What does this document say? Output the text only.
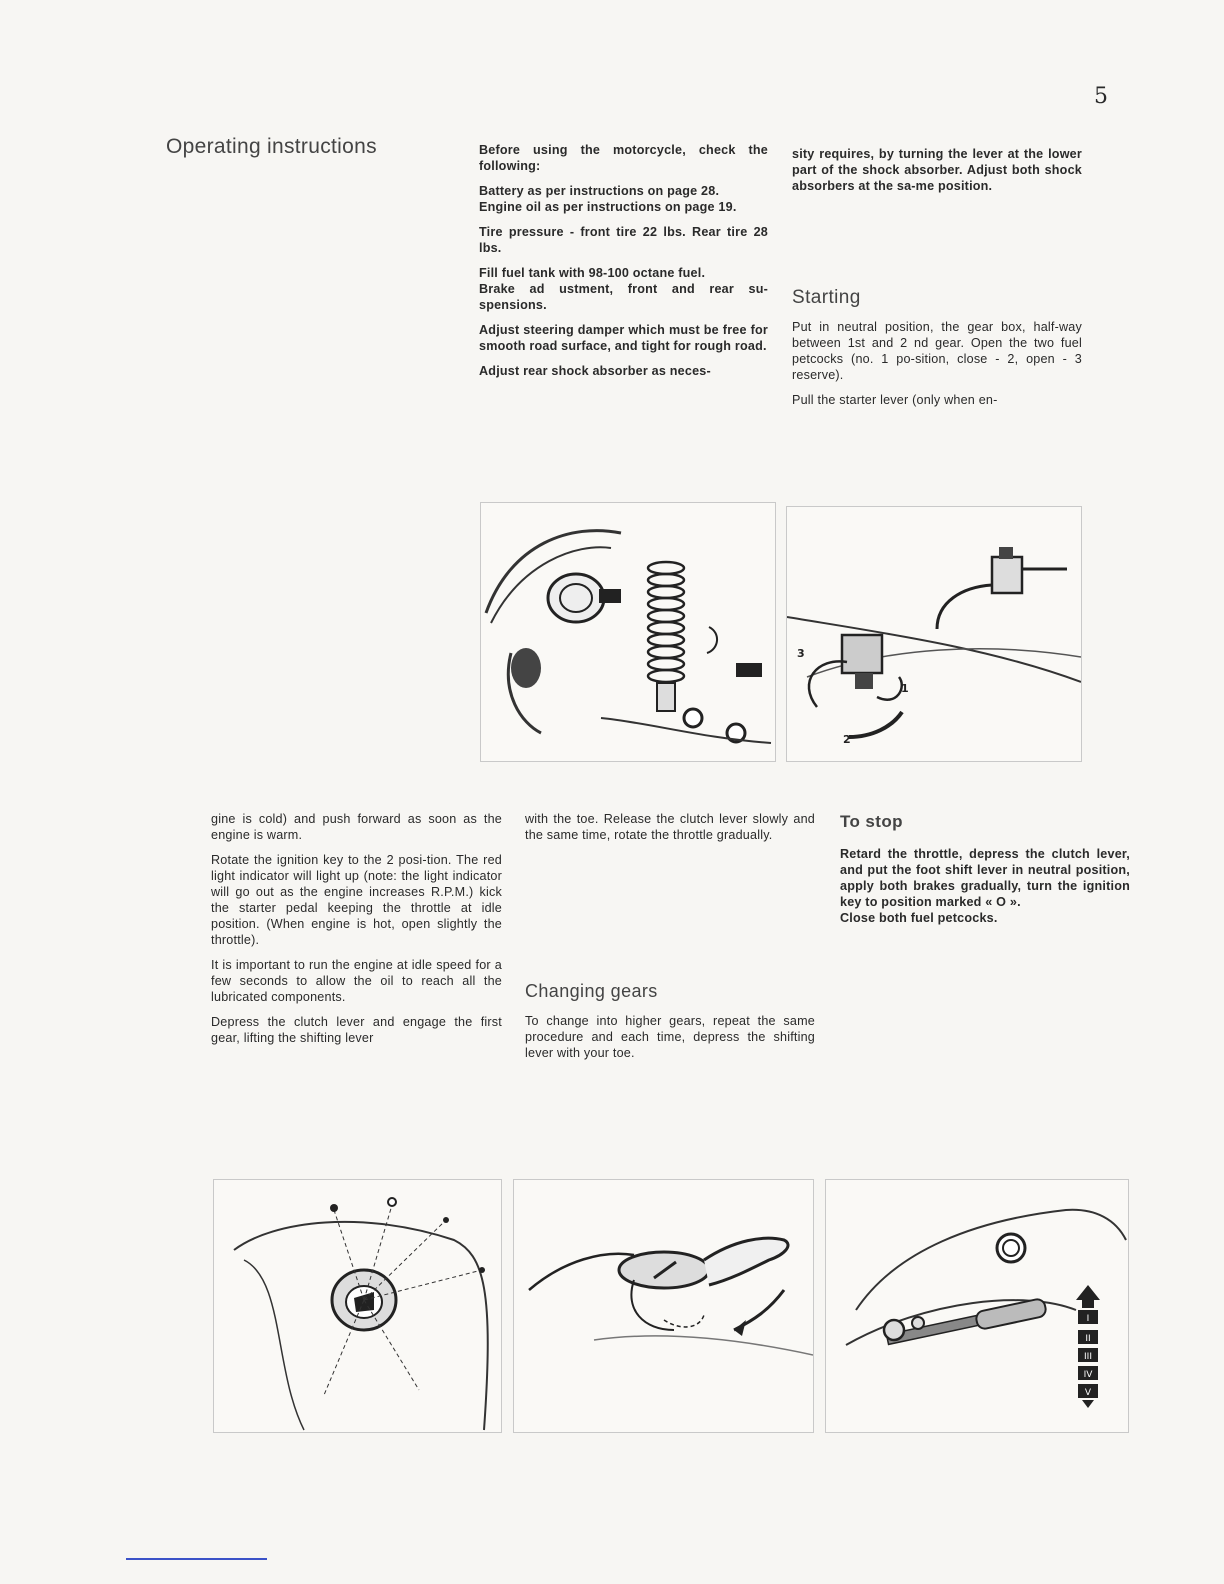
5
Operating instructions	Before using the motorcycle, check the following:

Battery as per instructions on page 28.

Engine oil as per instructions on page 19.

Tire pressure - front tire 22 lbs. Rear tire 28 lbs.

Fill fuel tank with 98-100 octane fuel.

Brake ad ustment, front and rear su-spensions.

Adjust steering damper which must be free for smooth road surface, and tight for rough road.

Adjust rear shock absorber as neces-

sity requires, by turning the lever at the lower part of the shock absorber. Adjust both shock absorbers at the sa-me position.

Starting

Put in neutral position, the gear box, half-way between 1st and 2 nd gear. Open the two fuel petcocks (no. 1 po-sition, close - 2, open - 3 reserve).

Pull the starter lever (only when en-

3
1
2

gine is cold) and push forward as soon as the engine is warm.

Rotate the ignition key to the 2 posi-tion. The red light indicator will light up (note: the light indicator will go out as the engine increases R.P.M.) kick the starter pedal keeping the throttle at idle position. (When engine is hot, open slightly the throttle).

It is important to run the engine at idle speed for a few seconds to allow the oil to reach all the lubricated components.

Depress the clutch lever and engage the first gear, lifting the shifting lever

with the toe. Release the clutch lever slowly and the same time, rotate the throttle gradually.

Changing gears

To change into higher gears, repeat the same procedure and each time, depress the shifting lever with your toe.

To stop

Retard the throttle, depress the clutch lever, and put the foot shift lever in neutral position, apply both brakes gradually, turn the ignition key to position marked « O ».

Close both fuel petcocks.

I
II
III
IV
V
